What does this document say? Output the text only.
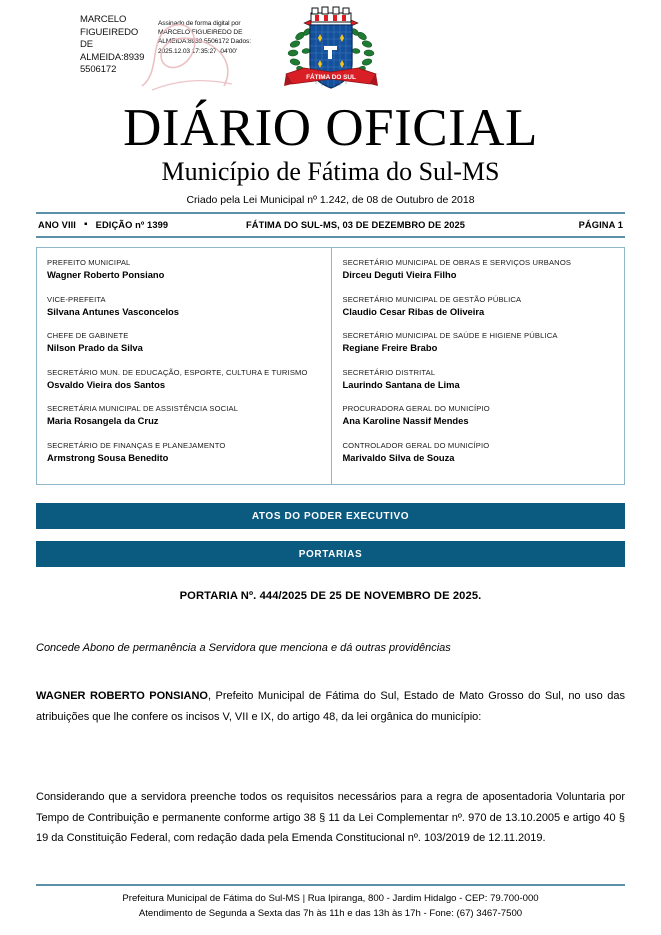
MARCELO FIGUEIREDO DE ALMEIDA:8939 5506172
Assinado de forma digital por MARCELO FIGUEIREDO DE ALMEIDA:8939 5506172 Dados: 2025.12.03 17:35:27 -04'00'
FÁTIMA DO SUL
DIÁRIO OFICIAL
Município de Fátima do Sul-MS
Criado pela Lei Municipal nº 1.242, de 08 de Outubro de 2018
ANO VIII ▪ EDIÇÃO nº 1399	FÁTIMA DO SUL-MS, 03 DE DEZEMBRO DE 2025	PÁGINA 1
PREFEITO MUNICIPAL
Wagner Roberto Ponsiano
VICE-PREFEITA
Silvana Antunes Vasconcelos
CHEFE DE GABINETE
Nilson Prado da Silva
SECRETÁRIO MUN. DE EDUCAÇÃO, ESPORTE, CULTURA E TURISMO
Osvaldo Vieira dos Santos
SECRETÁRIA MUNICIPAL DE ASSISTÊNCIA SOCIAL
Maria Rosangela da Cruz
SECRETÁRIO DE FINANÇAS E PLANEJAMENTO
Armstrong Sousa Benedito
SECRETÁRIO MUNICIPAL DE OBRAS E SERVIÇOS URBANOS
Dirceu Deguti Vieira Filho
SECRETÁRIO MUNICIPAL DE GESTÃO PÚBLICA
Claudio Cesar Ribas de Oliveira
SECRETÁRIO MUNICIPAL DE SAÚDE E HIGIENE PÚBLICA
Regiane Freire Brabo
SECRETÁRIO DISTRITAL
Laurindo Santana de Lima
PROCURADORA GERAL DO MUNICÍPIO
Ana Karoline Nassif Mendes
CONTROLADOR GERAL DO MUNICÍPIO
Marivaldo Silva de Souza
ATOS DO PODER EXECUTIVO
PORTARIAS
PORTARIA Nº. 444/2025 DE 25 DE NOVEMBRO DE 2025.
Concede Abono de permanência a Servidora que menciona e dá outras providências
WAGNER ROBERTO PONSIANO, Prefeito Municipal de Fátima do Sul, Estado de Mato Grosso do Sul, no uso das atribuições que lhe confere os incisos V, VII e IX, do artigo 48, da lei orgânica do município:
Considerando que a servidora preenche todos os requisitos necessários para a regra de aposentadoria Voluntaria por Tempo de Contribuição e permanente conforme artigo 38 § 11 da Lei Complementar nº. 970 de 13.10.2005 e artigo 40 § 19 da Constituição Federal, com redação dada pela Emenda Constitucional nº. 103/2019 de 12.11.2019.
Prefeitura Municipal de Fátima do Sul-MS | Rua Ipiranga, 800 - Jardim Hidalgo - CEP: 79.700-000
Atendimento de Segunda a Sexta das 7h às 11h e das 13h às 17h - Fone: (67) 3467-7500
